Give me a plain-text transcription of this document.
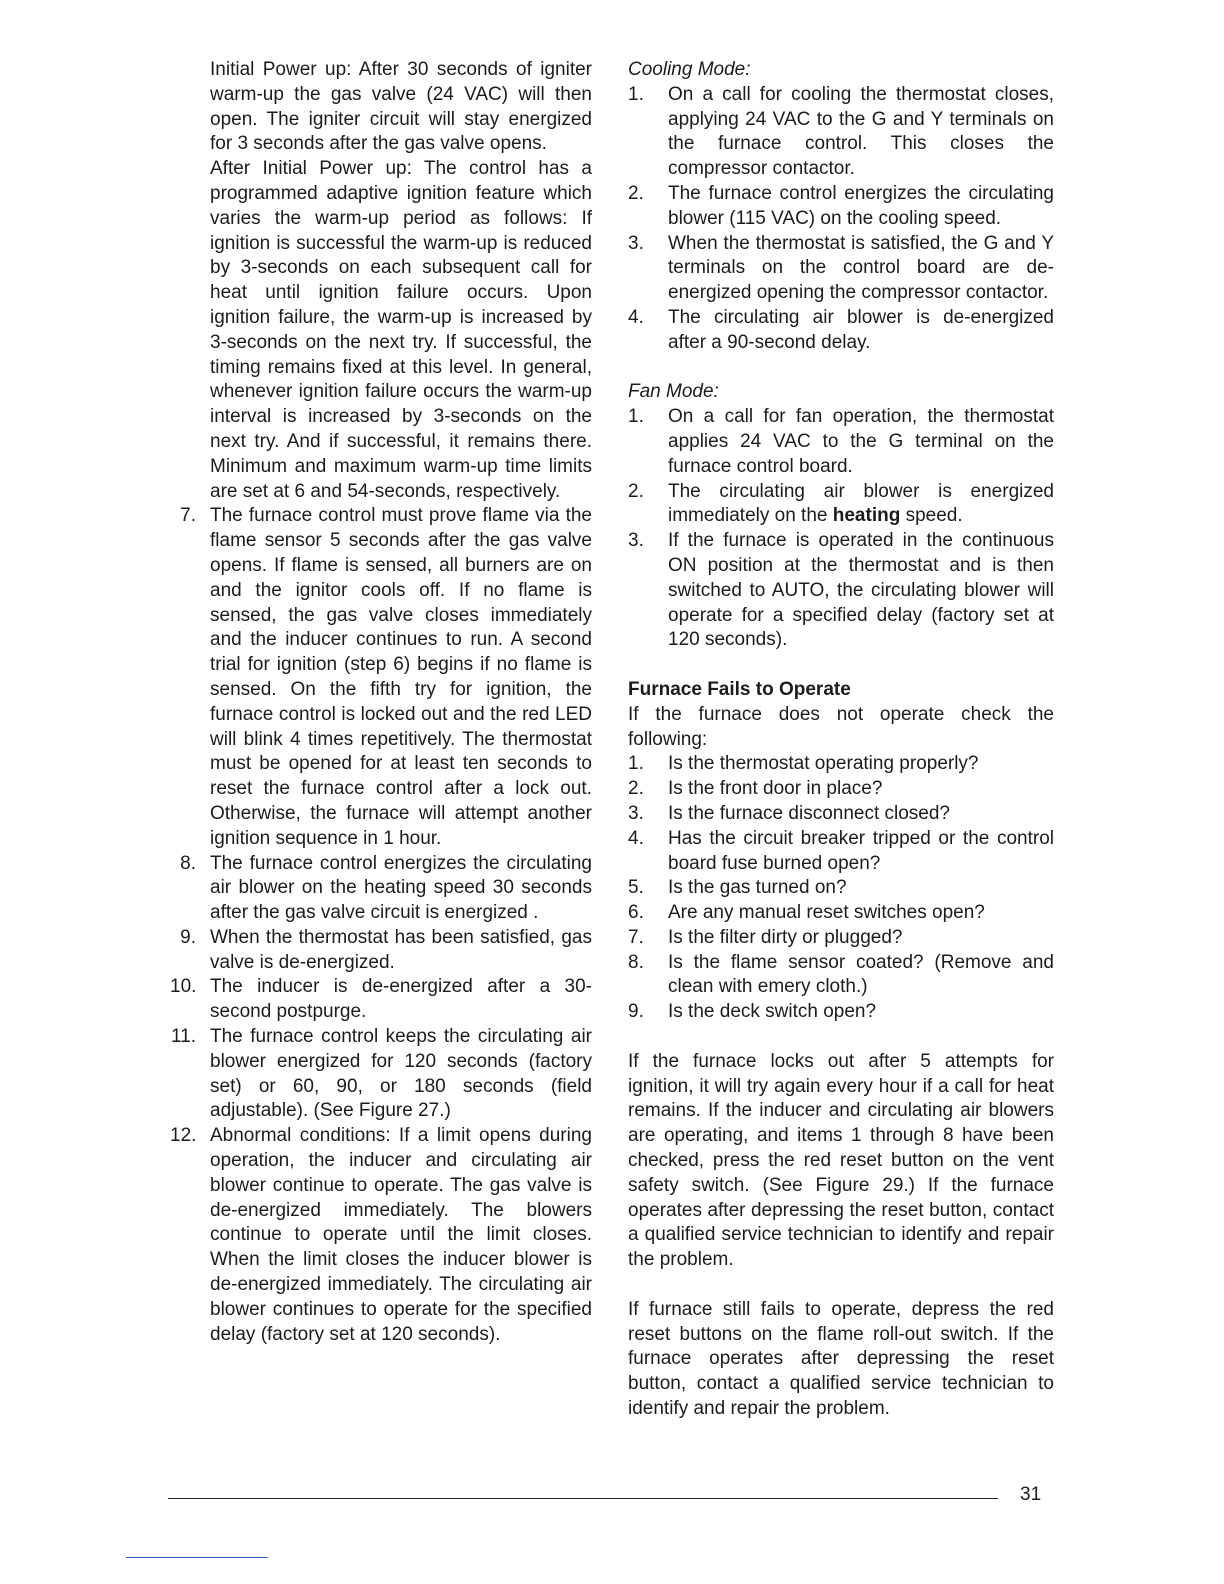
Initial Power up: After 30 seconds of igniter warm-up the gas valve (24 VAC) will then open. The igniter circuit will stay energized for 3 seconds after the gas valve opens.

After Initial Power up: The control has a programmed adaptive ignition feature which varies the warm-up period as follows: If ignition is successful the warm-up is reduced by 3-seconds on each subsequent call for heat until ignition failure occurs. Upon ignition failure, the warm-up is increased by 3-seconds on the next try. If successful, the timing remains fixed at this level. In general, whenever ignition failure occurs the warm-up interval is increased by 3-seconds on the next try. And if successful, it remains there. Minimum and maximum warm-up time limits are set at 6 and 54-seconds, respectively.

7. The furnace control must prove flame via the flame sensor 5 seconds after the gas valve opens. If flame is sensed, all burners are on and the ignitor cools off. If no flame is sensed, the gas valve closes immediately and the inducer continues to run. A second trial for ignition (step 6) begins if no flame is sensed. On the fifth try for ignition, the furnace control is locked out and the red LED will blink 4 times repetitively. The thermostat must be opened for at least ten seconds to reset the furnace control after a lock out. Otherwise, the furnace will attempt another ignition sequence in 1 hour.

8. The furnace control energizes the circulating air blower on the heating speed 30 seconds after the gas valve circuit is energized .

9. When the thermostat has been satisfied, gas valve is de-energized.

10. The inducer is de-energized after a 30-second postpurge.

11. The furnace control keeps the circulating air blower energized for 120 seconds (factory set) or 60, 90, or 180 seconds (field adjustable). (See Figure 27.)

12. Abnormal conditions: If a limit opens during operation, the inducer and circulating air blower continue to operate. The gas valve is de-energized immediately. The blowers continue to operate until the limit closes. When the limit closes the inducer blower is de-energized immediately. The circulating air blower continues to operate for the specified delay (factory set at 120 seconds).

Cooling Mode:

1.	On a call for cooling the thermostat closes, applying 24 VAC to the G and Y terminals on the furnace control. This closes the compressor contactor.

2.	The furnace control energizes the circulating blower (115 VAC) on the cooling speed.

3.	When the thermostat is satisfied, the G and Y terminals on the control board are de-energized opening the compressor contactor.

4.	The circulating air blower is de-energized after a 90-second delay.

Fan Mode:

1.	On a call for fan operation, the thermostat applies 24 VAC to the G terminal on the furnace control board.

2.	The circulating air blower is energized immediately on the heating speed.

3.	If the furnace is operated in the continuous ON position at the thermostat and is then switched to AUTO, the circulating blower will operate for a specified delay (factory set at 120 seconds).

Furnace Fails to Operate

If the furnace does not operate check the following:

1.	Is the thermostat operating properly?

2.	Is the front door in place?

3.	Is the furnace disconnect closed?

4.	Has the circuit breaker tripped or the control board fuse burned open?

5.	Is the gas turned on?

6.	Are any manual reset switches open?

7.	Is the filter dirty or plugged?

8.	Is the flame sensor coated? (Remove and clean with emery cloth.)

9.	Is the deck switch open?

If the furnace locks out after 5 attempts for ignition, it will try again every hour if a call for heat remains. If the inducer and circulating air blowers are operating, and items 1 through 8 have been checked, press the red reset button on the vent safety switch. (See Figure 29.) If the furnace operates after depressing the reset button, contact a qualified service technician to identify and repair the problem.

If furnace still fails to operate, depress the red reset buttons on the flame roll-out switch. If the furnace operates after depressing the reset button, contact a qualified service technician to identify and repair the problem.

31
